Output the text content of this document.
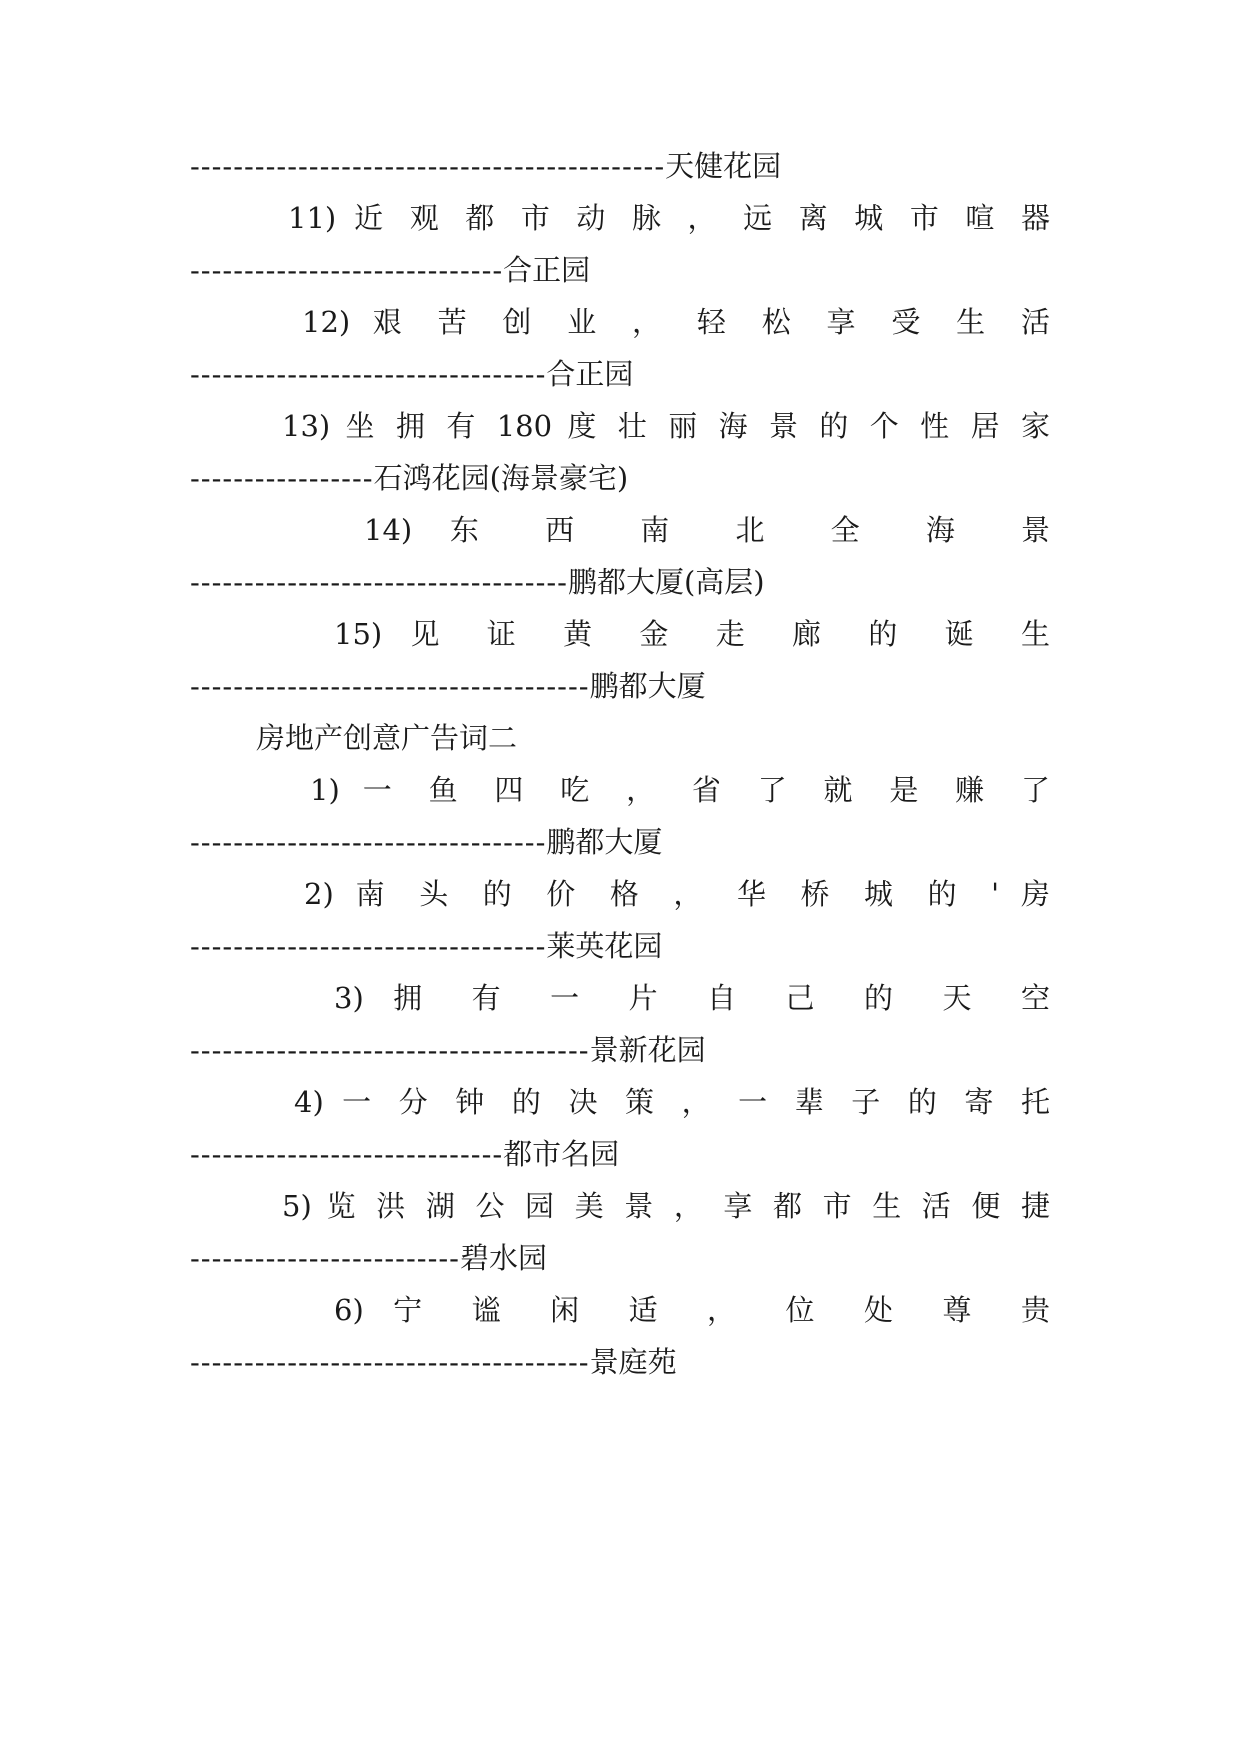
--------------------------------------------天健花园
11) 近 观 都 市 动 脉 ， 远 离 城 市 喧 器
-----------------------------合正园
12) 艰 苦 创 业 ， 轻 松 享 受 生 活
---------------------------------合正园
13) 坐 拥 有 180 度 壮 丽 海 景 的 个 性 居 家
-----------------石鸿花园(海景豪宅)
14) 东 西 南 北 全 海 景
-----------------------------------鹏都大厦(高层)
15) 见 证 黄 金 走 廊 的 诞 生
-------------------------------------鹏都大厦
房地产创意广告词二
1) 一 鱼 四 吃 ， 省 了 就 是 赚 了
---------------------------------鹏都大厦
2) 南 头 的 价 格 ， 华 桥 城 的 ' 房
---------------------------------莱英花园
3) 拥 有 一 片 自 己 的 天 空
-------------------------------------景新花园
4) 一 分 钟 的 决 策 ， 一 辈 子 的 寄 托
-----------------------------都市名园
5) 览 洪 湖 公 园 美 景 ， 享 都 市 生 活 便 捷
-------------------------碧水园
6) 宁 谧 闲 适 ， 位 处 尊 贵
-------------------------------------景庭苑
